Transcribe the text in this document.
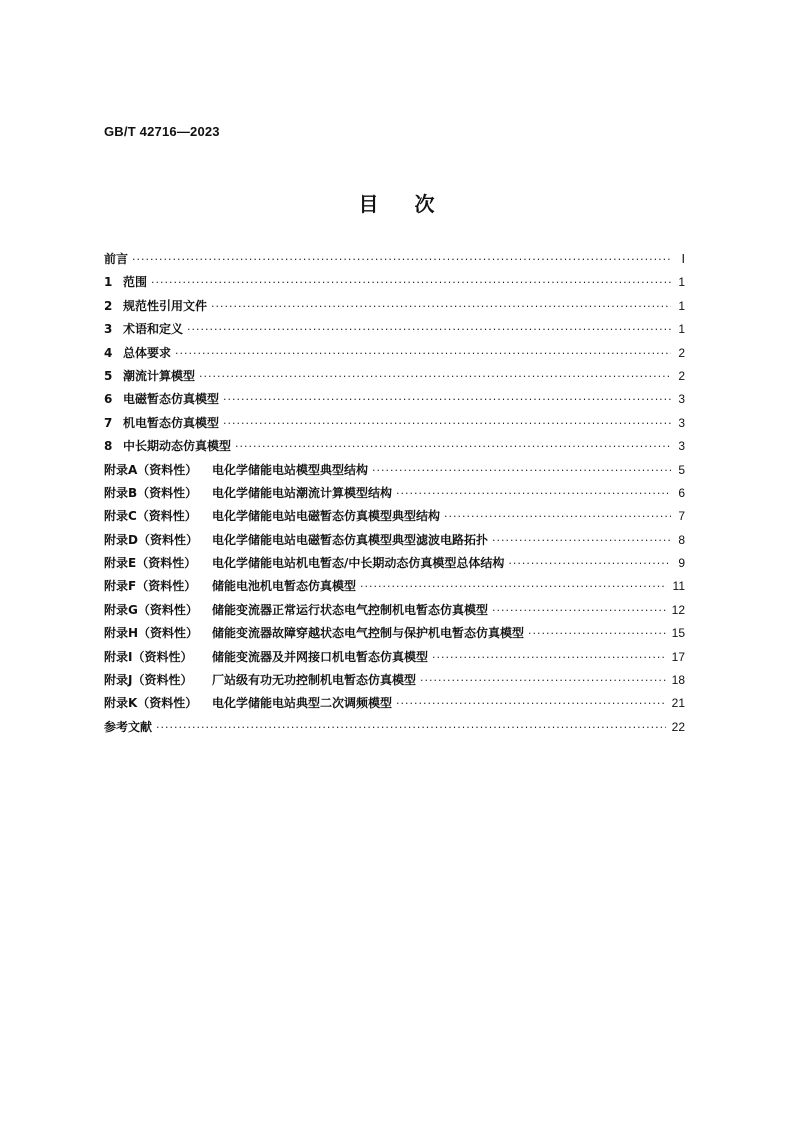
GB/T 42716—2023
目次
前言 ·····	Ⅰ
1 范围 ·····	1
2 规范性引用文件 ·····	1
3 术语和定义 ·····	1
4 总体要求 ·····	2
5 潮流计算模型 ·····	2
6 电磁暂态仿真模型 ·····	3
7 机电暂态仿真模型 ·····	3
8 中长期动态仿真模型 ·····	3
附录A（资料性） 电化学储能电站模型典型结构 ·····	5
附录B（资料性） 电化学储能电站潮流计算模型结构 ·····	6
附录C（资料性） 电化学储能电站电磁暂态仿真模型典型结构 ·····	7
附录D（资料性） 电化学储能电站电磁暂态仿真模型典型滤波电路拓扑 ·····	8
附录E（资料性） 电化学储能电站机电暂态/中长期动态仿真模型总体结构 ·····	9
附录F（资料性） 储能电池机电暂态仿真模型 ·····	11
附录G（资料性） 储能变流器正常运行状态电气控制机电暂态仿真模型 ·····	12
附录H（资料性） 储能变流器故障穿越状态电气控制与保护机电暂态仿真模型 ·····	15
附录I（资料性） 储能变流器及并网接口机电暂态仿真模型 ·····	17
附录J（资料性） 厂站级有功无功控制机电暂态仿真模型 ·····	18
附录K（资料性） 电化学储能电站典型二次调频模型 ·····	21
参考文献 ·····	22
